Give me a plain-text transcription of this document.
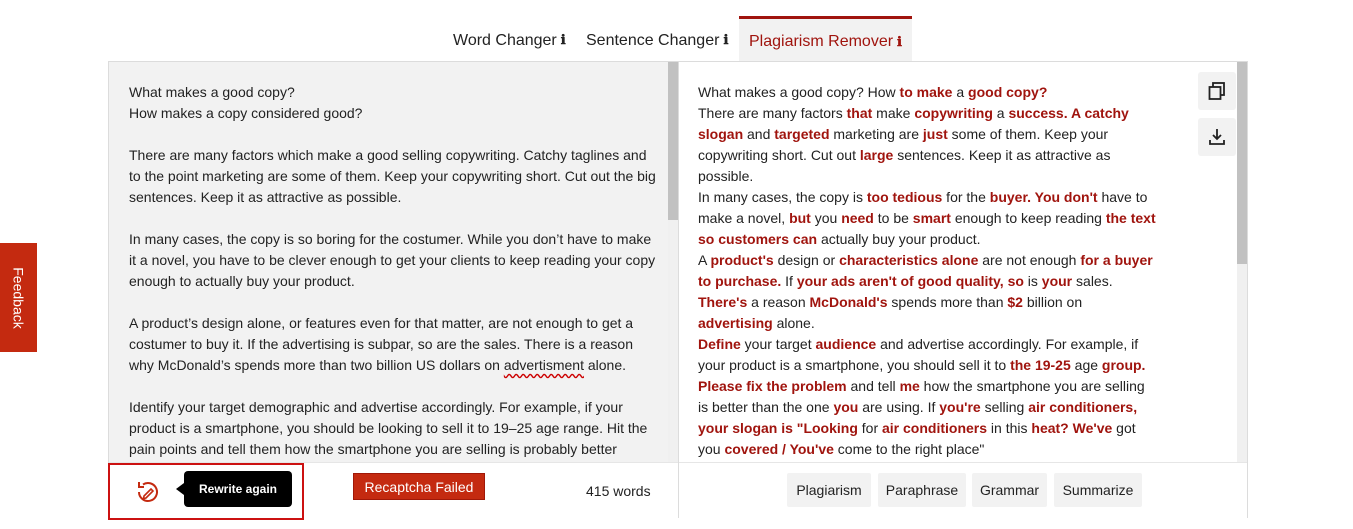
Word Changer ℹ Sentence Changer ℹ Plagiarism Remover ℹ
Feedback

What makes a good copy?
How makes a copy considered good?

There are many factors which make a good selling copywriting. Catchy taglines and to the point marketing are some of them. Keep your copywriting short. Cut out the big sentences. Keep it as attractive as possible.

In many cases, the copy is so boring for the costumer. While you don’t have to make it a novel, you have to be clever enough to get your clients to keep reading your copy enough to actually buy your product.

A product’s design alone, or features even for that matter, are not enough to get a costumer to buy it. If the advertising is subpar, so are the sales. There is a reason why McDonald’s spends more than two billion US dollars on advertisment alone.

Identify your target demographic and advertise accordingly. For example, if your product is a smartphone, you should be looking to sell it to 19–25 age range. Hit the pain points and tell them how the smartphone you are selling is probably better

What makes a good copy? How to make a good copy?
There are many factors that make copywriting a success. A catchy slogan and targeted marketing are just some of them. Keep your copywriting short. Cut out large sentences. Keep it as attractive as possible.
In many cases, the copy is too tedious for the buyer. You don't have to make a novel, but you need to be smart enough to keep reading the text so customers can actually buy your product.
A product's design or characteristics alone are not enough for a buyer to purchase. If your ads aren't of good quality, so is your sales. There's a reason McDonald's spends more than $2 billion on advertising alone.
Define your target audience and advertise accordingly. For example, if your product is a smartphone, you should sell it to the 19-25 age group. Please fix the problem and tell me how the smartphone you are selling is better than the one you are using. If you're selling air conditioners, your slogan is "Looking for air conditioners in this heat? We've got you covered / You've come to the right place"

Rewrite again	Recaptcha Failed	415 words	Plagiarism	Paraphrase	Grammar	Summarize
